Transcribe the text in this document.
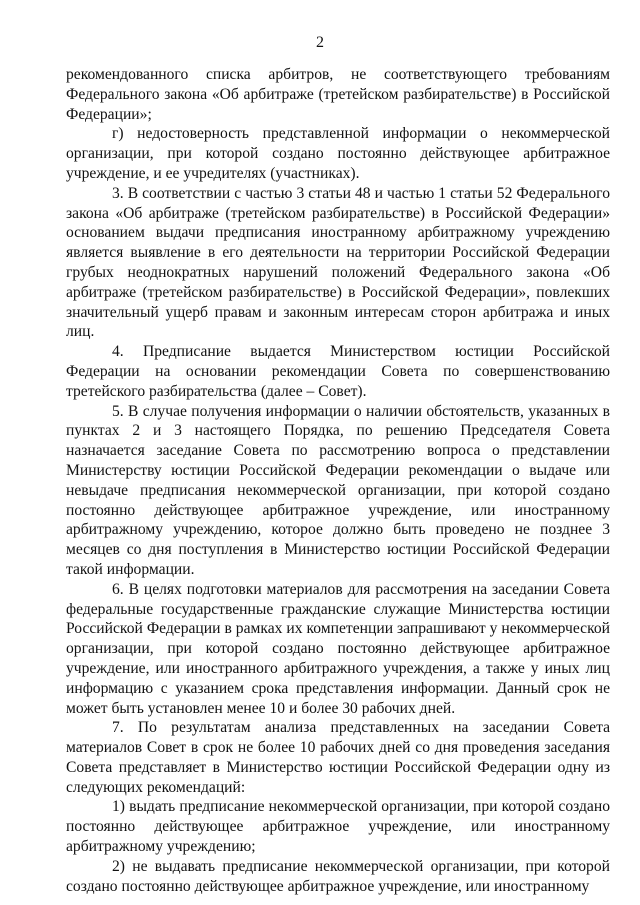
2

рекомендованного списка арбитров, не соответствующего требованиям Федерального закона «Об арбитраже (третейском разбирательстве) в Российской Федерации»;

г) недостоверность представленной информации о некоммерческой организации, при которой создано постоянно действующее арбитражное учреждение, и ее учредителях (участниках).

3. В соответствии с частью 3 статьи 48 и частью 1 статьи 52 Федерального закона «Об арбитраже (третейском разбирательстве) в Российской Федерации» основанием выдачи предписания иностранному арбитражному учреждению является выявление в его деятельности на территории Российской Федерации грубых неоднократных нарушений положений Федерального закона «Об арбитраже (третейском разбирательстве) в Российской Федерации», повлекших значительный ущерб правам и законным интересам сторон арбитража и иных лиц.

4. Предписание выдается Министерством юстиции Российской Федерации на основании рекомендации Совета по совершенствованию третейского разбирательства (далее – Совет).

5. В случае получения информации о наличии обстоятельств, указанных в пунктах 2 и 3 настоящего Порядка, по решению Председателя Совета назначается заседание Совета по рассмотрению вопроса о представлении Министерству юстиции Российской Федерации рекомендации о выдаче или невыдаче предписания некоммерческой организации, при которой создано постоянно действующее арбитражное учреждение, или иностранному арбитражному учреждению, которое должно быть проведено не позднее 3 месяцев со дня поступления в Министерство юстиции Российской Федерации такой информации.

6. В целях подготовки материалов для рассмотрения на заседании Совета федеральные государственные гражданские служащие Министерства юстиции Российской Федерации в рамках их компетенции запрашивают у некоммерческой организации, при которой создано постоянно действующее арбитражное учреждение, или иностранного арбитражного учреждения, а также у иных лиц информацию с указанием срока представления информации. Данный срок не может быть установлен менее 10 и более 30 рабочих дней.

7. По результатам анализа представленных на заседании Совета материалов Совет в срок не более 10 рабочих дней со дня проведения заседания Совета представляет в Министерство юстиции Российской Федерации одну из следующих рекомендаций:

1) выдать предписание некоммерческой организации, при которой создано постоянно действующее арбитражное учреждение, или иностранному арбитражному учреждению;

2) не выдавать предписание некоммерческой организации, при которой создано постоянно действующее арбитражное учреждение, или иностранному
